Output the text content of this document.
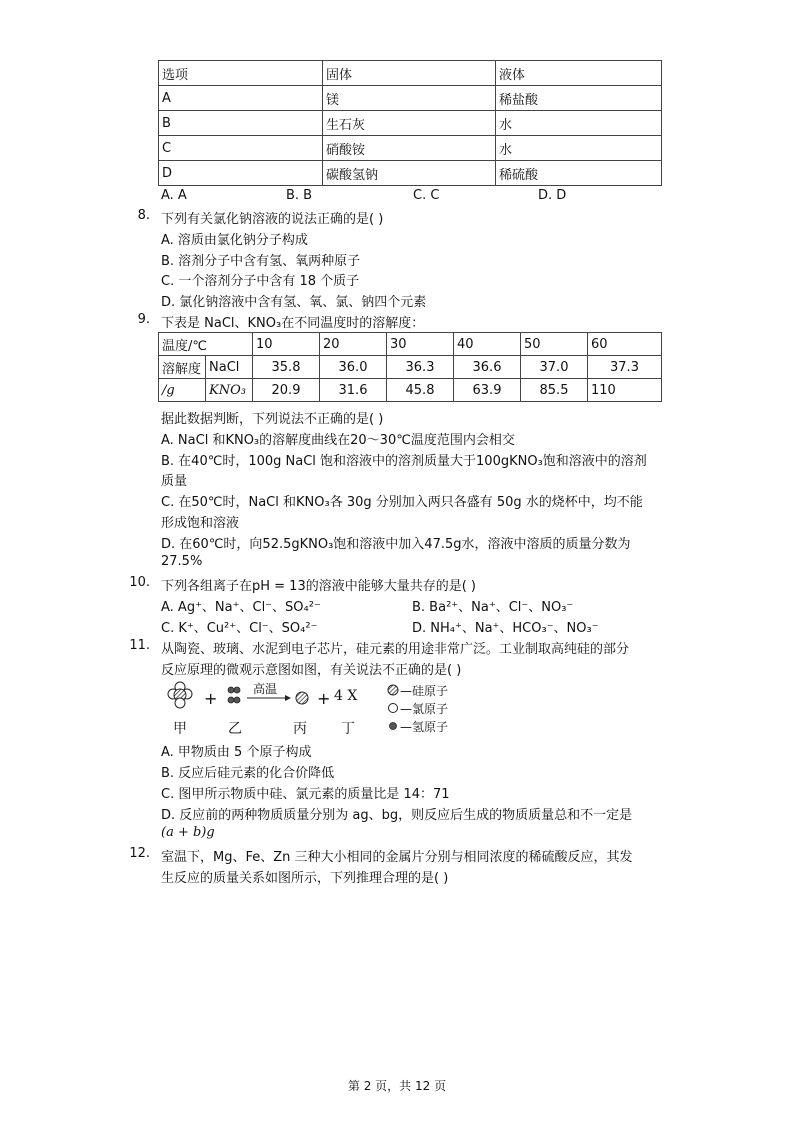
选项	固体	液体
A	镁	稀盐酸
B	生石灰	水
C	硝酸铵	水
D	碳酸氢钠	稀硫酸
A. A	B. B	C. C	D. D
8. 下列有关氯化钠溶液的说法正确的是( )
A. 溶质由氯化钠分子构成
B. 溶剂分子中含有氢、氧两种原子
C. 一个溶剂分子中含有 18 个质子
D. 氯化钠溶液中含有氢、氧、氯、钠四个元素
9. 下表是 NaCl、KNO₃在不同温度时的溶解度：
温度/℃		10	20	30	40	50	60
溶解度	NaCl	35.8	36.0	36.3	36.6	37.0	37.3
/g	KNO₃	20.9	31.6	45.8	63.9	85.5	110
据此数据判断，下列说法不正确的是( )
A. NaCl 和KNO₃的溶解度曲线在20～30℃温度范围内会相交
B. 在40℃时，100g NaCl 饱和溶液中的溶剂质量大于100gKNO₃饱和溶液中的溶剂
质量
C. 在50℃时，NaCl 和KNO₃各 30g 分别加入两只各盛有 50g 水的烧杯中，均不能
形成饱和溶液
D. 在60℃时，向52.5gKNO₃饱和溶液中加入47.5g水，溶液中溶质的质量分数为
27.5%
10. 下列各组离子在pH = 13的溶液中能够大量共存的是( )
A. Ag⁺、Na⁺、Cl⁻、SO₄²⁻	B. Ba²⁺、Na⁺、Cl⁻、NO₃⁻
C. K⁺、Cu²⁺、Cl⁻、SO₄²⁻	D. NH₄⁺、Na⁺、HCO₃⁻、NO₃⁻
11. 从陶瓷、玻璃、水泥到电子芯片，硅元素的用途非常广泛。工业制取高纯硅的部分
反应原理的微观示意图如图，有关说法不正确的是( )
+	+
高温	4 X
甲	乙	丙 丁
—硅原子
—氯原子
—氢原子
A. 甲物质由 5 个原子构成
B. 反应后硅元素的化合价降低
C. 图甲所示物质中硅、氯元素的质量比是 14：71
D. 反应前的两种物质质量分别为 ag、bg，则反应后生成的物质质量总和不一定是
(a + b)g
12. 室温下，Mg、Fe、Zn 三种大小相同的金属片分别与相同浓度的稀硫酸反应，其发
生反应的质量关系如图所示，下列推理合理的是( )
第 2 页，共 12 页
